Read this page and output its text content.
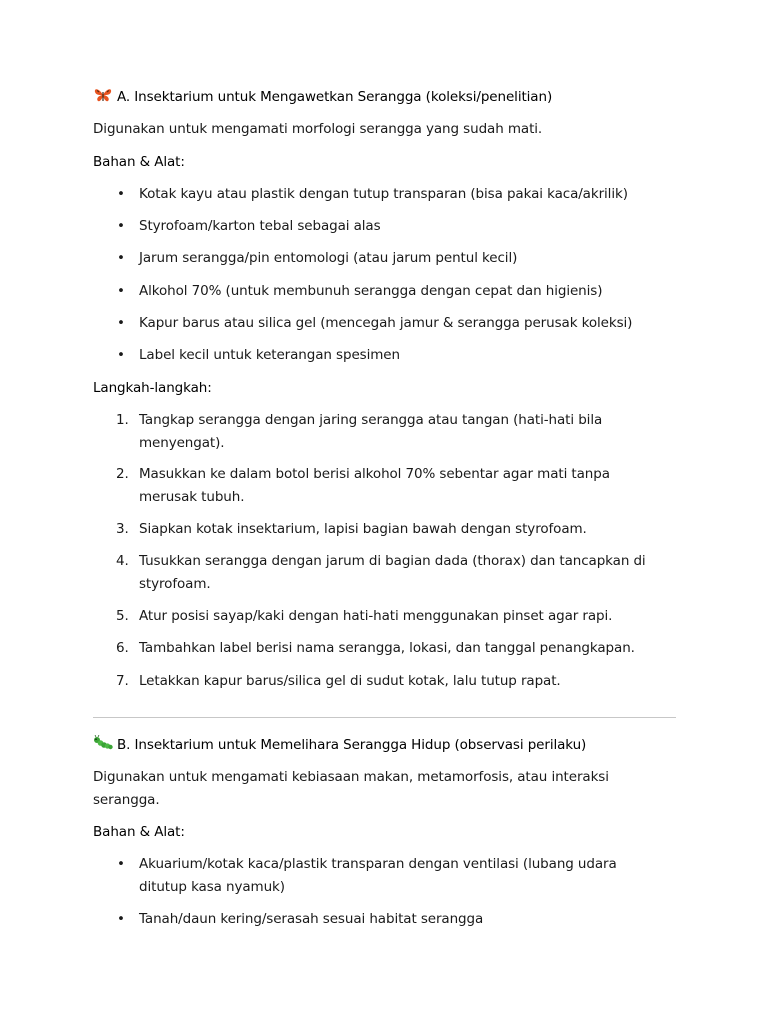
A. Insektarium untuk Mengawetkan Serangga (koleksi/penelitian)
Digunakan untuk mengamati morfologi serangga yang sudah mati.
Bahan & Alat:
• Kotak kayu atau plastik dengan tutup transparan (bisa pakai kaca/akrilik)
• Styrofoam/karton tebal sebagai alas
• Jarum serangga/pin entomologi (atau jarum pentul kecil)
• Alkohol 70% (untuk membunuh serangga dengan cepat dan higienis)
• Kapur barus atau silica gel (mencegah jamur & serangga perusak koleksi)
• Label kecil untuk keterangan spesimen
Langkah-langkah:
1. Tangkap serangga dengan jaring serangga atau tangan (hati-hati bila
menyengat).
2. Masukkan ke dalam botol berisi alkohol 70% sebentar agar mati tanpa
merusak tubuh.
3. Siapkan kotak insektarium, lapisi bagian bawah dengan styrofoam.
4. Tusukkan serangga dengan jarum di bagian dada (thorax) dan tancapkan di
styrofoam.
5. Atur posisi sayap/kaki dengan hati-hati menggunakan pinset agar rapi.
6. Tambahkan label berisi nama serangga, lokasi, dan tanggal penangkapan.
7. Letakkan kapur barus/silica gel di sudut kotak, lalu tutup rapat.
B. Insektarium untuk Memelihara Serangga Hidup (observasi perilaku)
Digunakan untuk mengamati kebiasaan makan, metamorfosis, atau interaksi
serangga.
Bahan & Alat:
• Akuarium/kotak kaca/plastik transparan dengan ventilasi (lubang udara
ditutup kasa nyamuk)
• Tanah/daun kering/serasah sesuai habitat serangga
